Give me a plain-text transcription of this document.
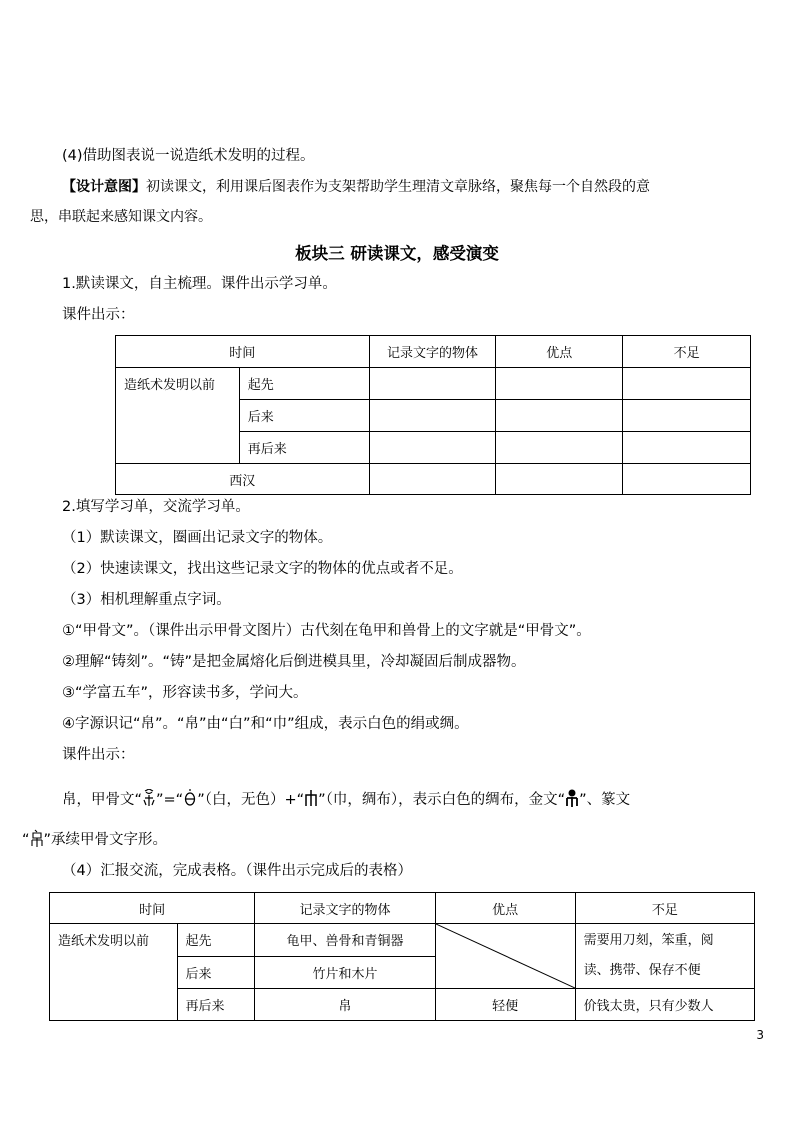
(4)借助图表说一说造纸术发明的过程。
【设计意图】初读课文，利用课后图表作为支架帮助学生理清文章脉络，聚焦每一个自然段的意
思，串联起来感知课文内容。
板块三 研读课文，感受演变
1.默读课文，自主梳理。课件出示学习单。
课件出示：
时间		记录文字的物体	优点	不足
造纸术发明以前	起先			
	后来			
	再后来			
西汉				
2.填写学习单，交流学习单。
（1）默读课文，圈画出记录文字的物体。
（2）快速读课文，找出这些记录文字的物体的优点或者不足。
（3）相机理解重点字词。
①“甲骨文”。（课件出示甲骨文图片）古代刻在龟甲和兽骨上的文字就是“甲骨文”。
②理解“铸刻”。“铸”是把金属熔化后倒进模具里，冷却凝固后制成器物。
③“学富五车”，形容读书多，学问大。
④字源识记“帛”。“帛”由“白”和“巾”组成，表示白色的绢或绸。
课件出示：
帛，甲骨文“ ”=“ ”（白，无色）+“ ”（巾，绸布），表示白色的绸布，金文“ ”、篆文
“ ”承续甲骨文字形。
（4）汇报交流，完成表格。（课件出示完成后的表格）
时间		记录文字的物体	优点	不足
造纸术发明以前	起先	龟甲、兽骨和青铜器		需要用刀刻，笨重，阅
读、携带、保存不便

	后来	竹片和木片		
	再后来	帛	轻便	价钱太贵，只有少数人
3
